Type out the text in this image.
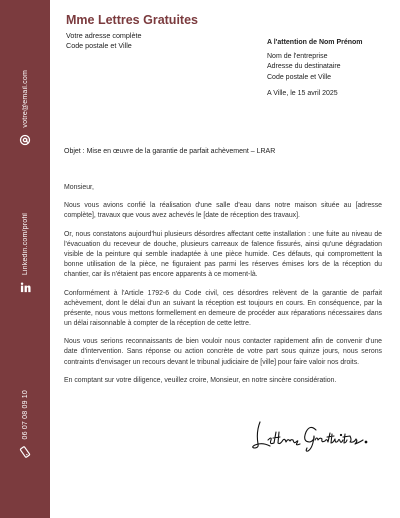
votre@email.com
Linkedin.com/profil
06 07 08 09 10
Mme Lettres Gratuites
Votre adresse complète
Code postale et Ville	A l'attention de Nom Prénom
Nom de l'entreprise
Adresse du destinataire
Code postale et Ville
A Ville, le 15 avril 2025
Objet : Mise en œuvre de la garantie de parfait achèvement – LRAR

Monsieur,

Nous vous avions confié la réalisation d'une salle d'eau dans notre maison située au [adresse complète], travaux que vous avez achevés le [date de réception des travaux].

Or, nous constatons aujourd'hui plusieurs désordres affectant cette installation : une fuite au niveau de l'évacuation du receveur de douche, plusieurs carreaux de faïence fissurés, ainsi qu'une dégradation visible de la peinture qui semble inadaptée à une pièce humide. Ces défauts, qui compromettent la bonne utilisation de la pièce, ne figuraient pas parmi les réserves émises lors de la réception du chantier, car ils n'étaient pas encore apparents à ce moment-là.

Conformément à l'Article 1792-6 du Code civil, ces désordres relèvent de la garantie de parfait achèvement, dont le délai d'un an suivant la réception est toujours en cours. En conséquence, par la présente, nous vous mettons formellement en demeure de procéder aux réparations nécessaires dans un délai raisonnable à compter de la réception de cette lettre.

Nous vous serions reconnaissants de bien vouloir nous contacter rapidement afin de convenir d'une date d'intervention. Sans réponse ou action concrète de votre part sous quinze jours, nous serons contraints d'envisager un recours devant le tribunal judiciaire de [ville] pour faire valoir nos droits.

En comptant sur votre diligence, veuillez croire, Monsieur, en notre sincère considération.
